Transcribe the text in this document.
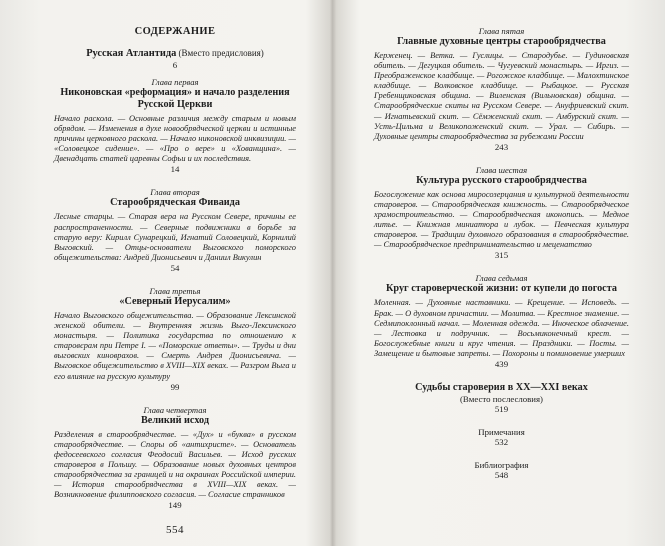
СОДЕРЖАНИЕ
Русская Атлантида (Вместо предисловия)
6
Глава первая
Никоновская «реформация» и начало разделения
Русской Церкви
Начало раскола. — Основные различия между старым и новым обрядом. — Изменения в духе новообрядческой церкви и истинные причины церковного раскола. — Начало никоновской инквизиции. — «Соловецкое сидение». — «Про о вере» и «Хованщина». — Двенадцать статей царевны Софьи и их последствия.
14
Глава вторая
Старообрядческая Фиваида
Лесные старцы. — Старая вера на Русском Севере, причины ее распространенности. — Северные подвижники в борьбе за старую веру: Кирилл Сунарецкий, Игнатий Соловецкий, Корнилий Выговский. — Отцы-основатели Выговского поморского общежительства: Андрей Дионисьевич и Даниил Викулин
54
Глава третья
«Северный Иерусалим»
Начало Выговского общежительства. — Образование Лексинской женской обители. — Внутренняя жизнь Выго-Лексинского монастыря. — Политика государства по отношению к старовєрам при Петре I. — «Поморские ответы». — Труды и дни выговских киноврахов. — Смерть Андрея Дионисьевича. — Выговское общежительство в XVIII—XIX веках. — Разгром Выга и его влияние на русскую культуру
99
Глава четвертая
Великий исход
Разделения в старообрядчестве. — «Дух» и «буква» в русском старообрядчестве. — Споры об «антихристе». — Основатель федосеевского согласия Феодосий Васильев. — Исход русских староверов в Польшу. — Образование новых духовных центров старообрядчества за границей и на окраинах Российской империи. — История старообрядчества в XVIII—XIX веках. — Возникновение филипповского согласия. — Согласие странников
149
554
Глава пятая
Главные духовные центры старообрядчества
Керженец. — Ветка. — Гуслицы. — Стародубье. — Гудиновская обитель. — Дегуцкая обитель. — Чугуевский монастырь. — Иргиз. — Преображенское кладбище. — Рогожское кладбище. — Малохтинское кладбище. — Волковское кладбище. — Рыбацкое. — Русская Гребенщиковская община. — Виленская (Вильновская) община. — Старообрядческие скиты на Русском Севере. — Ануфриевский скит. — Игнатьевский скит. — Сёмженский скит. — Амбурский скит. — Усть-Цильма и Великопоженский скит. — Урал. — Сибирь. — Духовные центры старообрядчества за рубежами России
243
Глава шестая
Культура русского старообрядчества
Богослужение как основа миросозерцания и культурной деятельности староверов. — Старообрядческая книжность. — Старообрядческое храмостроительство. — Старообрядческая иконопись. — Медное литье. — Книжная миниатюра и лубок. — Певческая культура староверов. — Традиции духовного образования в старообрядчестве. — Старообрядческое предпринимательство и меценатство
315
Глава седьмая
Круг староверческой жизни: от купели до погоста
Моленная. — Духовные наставники. — Крещение. — Исповедь. — Брак. — О духовном причастии. — Молитва. — Крестное знамение. — Седмипоклонный начал. — Моленная одежда. — Иноческое облачение. — Лестовка и подручник. — Восьмиконечный крест. — Богослужебные книги и круг чтения. — Праздники. — Посты. — Замещение и бытовые запреты. — Похороны и поминовение умерших
439
Судьбы староверия в XX—XXI веках
(Вместо послесловия)
519
Примечания
532
Библиография
548
